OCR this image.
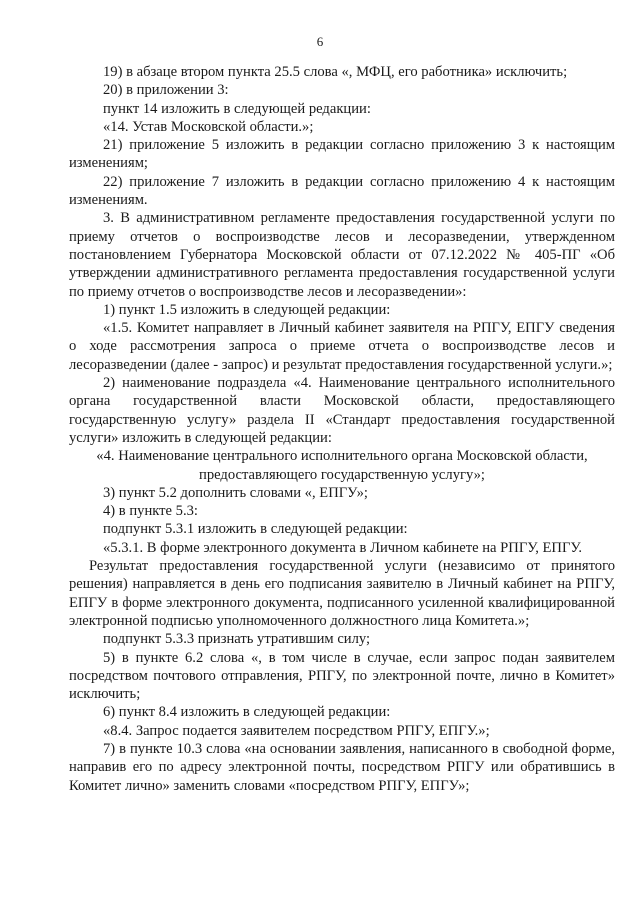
6

19) в абзаце втором пункта 25.5 слова «, МФЦ, его работника» исключить;

20) в приложении 3:

пункт 14 изложить в следующей редакции:

«14. Устав Московской области.»;

21) приложение 5 изложить в редакции согласно приложению 3 к настоящим изменениям;

22) приложение 7 изложить в редакции согласно приложению 4 к настоящим изменениям.

3. В административном регламенте предоставления государственной услуги по приему отчетов о воспроизводстве лесов и лесоразведении, утвержденном постановлением Губернатора Московской области от 07.12.2022 № 405-ПГ «Об утверждении административного регламента предоставления государственной услуги по приему отчетов о воспроизводстве лесов и лесоразведении»:

1) пункт 1.5 изложить в следующей редакции:

«1.5. Комитет направляет в Личный кабинет заявителя на РПГУ, ЕПГУ сведения о ходе рассмотрения запроса о приеме отчета о воспроизводстве лесов и лесоразведении (далее - запрос) и результат предоставления государственной услуги.»;

2) наименование подраздела «4. Наименование центрального исполнительного органа государственной власти Московской области, предоставляющего государственную услугу» раздела II «Стандарт предоставления государственной услуги» изложить в следующей редакции:

«4. Наименование центрального исполнительного органа Московской области, предоставляющего государственную услугу»;

3) пункт 5.2 дополнить словами «, ЕПГУ»;

4) в пункте 5.3:

подпункт 5.3.1 изложить в следующей редакции:

«5.3.1. В форме электронного документа в Личном кабинете на РПГУ, ЕПГУ.

Результат предоставления государственной услуги (независимо от принятого решения) направляется в день его подписания заявителю в Личный кабинет на РПГУ, ЕПГУ в форме электронного документа, подписанного усиленной квалифицированной электронной подписью уполномоченного должностного лица Комитета.»;

подпункт 5.3.3 признать утратившим силу;

5) в пункте 6.2 слова «, в том числе в случае, если запрос подан заявителем посредством почтового отправления, РПГУ, по электронной почте, лично в Комитет» исключить;

6) пункт 8.4 изложить в следующей редакции:

«8.4. Запрос подается заявителем посредством РПГУ, ЕПГУ.»;

7) в пункте 10.3 слова «на основании заявления, написанного в свободной форме, направив его по адресу электронной почты, посредством РПГУ или обратившись в Комитет лично» заменить словами «посредством РПГУ, ЕПГУ»;
